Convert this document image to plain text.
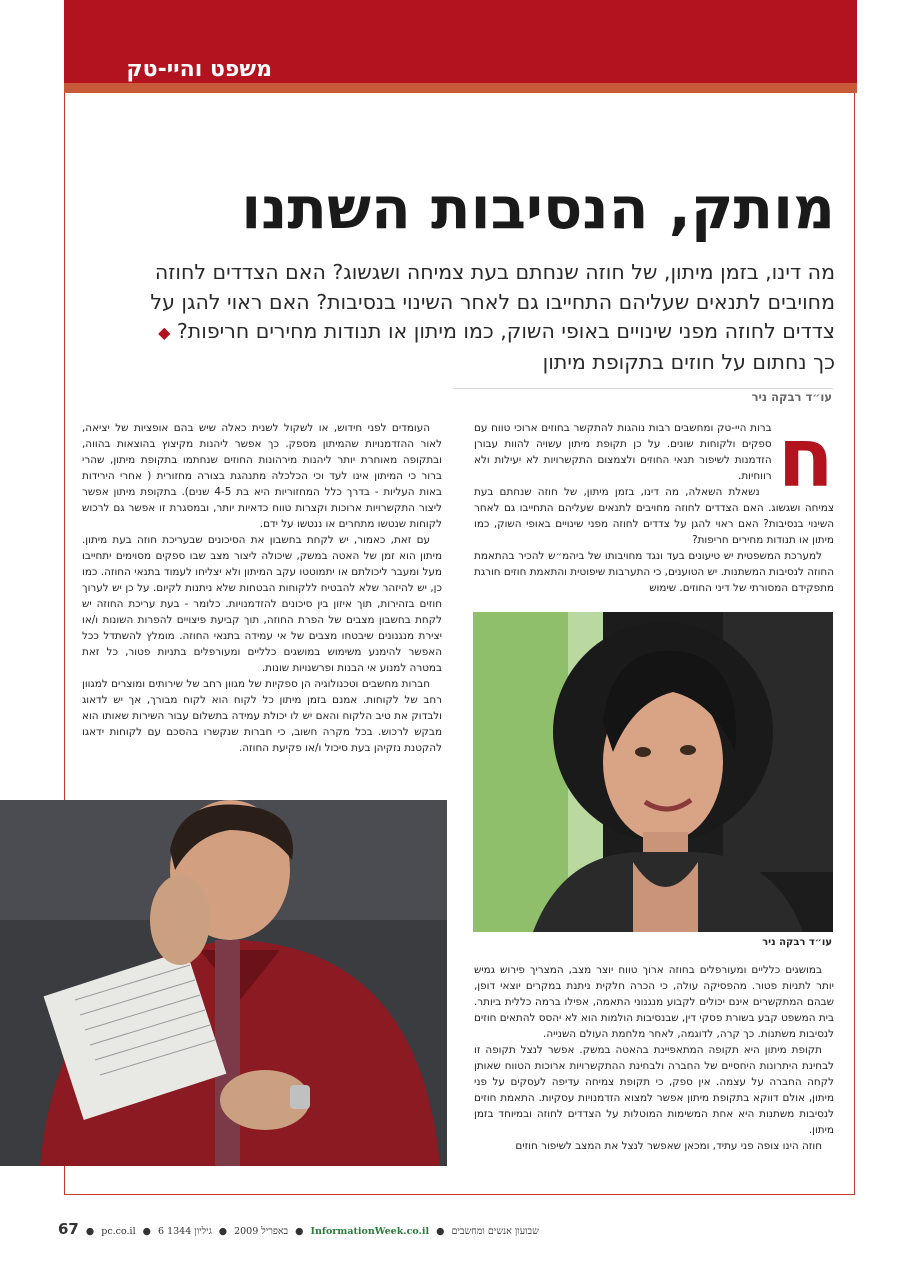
משפט והיי-טק
מותק, הנסיבות השתנו
מה דינו, בזמן מיתון, של חוזה שנחתם בעת צמיחה ושגשוג? האם הצדדים לחוזה מחויבים לתנאים שעליהם התחייבו גם לאחר השינוי בנסיבות? האם ראוי להגן על צדדים לחוזה מפני שינויים באופי השוק, כמו מיתון או תנודות מחירים חריפות? ◆ כך נחתום על חוזים בתקופת מיתון
עו״ד רבקה ניר
ח

ברות היי-טק ומחשבים רבות נוהגות להתקשר בחוזים ארוכי טווח עם ספקים ולקוחות שונים. על כן תקופת מיתון עשויה להוות עבורן הזדמנות לשיפור תנאי החוזים ולצמצום התקשרויות לא יעילות ולא רווחיות.

נשאלת השאלה, מה דינו, בזמן מיתון, של חוזה שנחתם בעת צמיחה ושגשוג. האם הצדדים לחוזה מחויבים לתנאים שעליהם התחייבו גם לאחר השינוי בנסיבות? האם ראוי להגן על צדדים לחוזה מפני שינויים באופי השוק, כמו מיתון או תנודות מחירים חריפות?

למערכת המשפטית יש טיעונים בעד ונגד מחויבותו של ביהמ״ש להכיר בהתאמת החוזה לנסיבות המשתנות. יש הטוענים, כי התערבות שיפוטית והתאמת חוזים חורגת מתפקידם המסורתי של דיני החוזים. שימוש

העומדים לפני חידוש, או לשקול לשנית כאלה שיש בהם אופציות של יציאה, לאור ההזדמנויות שהמיתון מספק. כך אפשר ליהנות מקיצוץ בהוצאות בהווה, ובתקופה מאוחרת יותר ליהנות מירהונות החוזים שנחתמו בתקופת מיתון, שהרי ברור כי המיתון אינו לעד וכי הכלכלה מתנהגת בצורה מחזורית ( אחרי הירידות באות העליות - בדרך כלל המחזוריות היא בת 4-5 שנים). בתקופת מיתון אפשר ליצור התקשרויות ארוכות וקצרות טווח כדאיות יותר, ובמסגרת זו אפשר גם לרכוש לקוחות שנטשו מתחרים או ננטשו על ידם.

עם זאת, כאמור, יש לקחת בחשבון את הסיכונים שבעריכת חוזה בעת מיתון. מיתון הוא זמן של האטה במשק, שיכולה ליצור מצב שבו ספקים מסוימים יתחייבו מעל ומעבר ליכולתם או יתמוטטו עקב המיתון ולא יצליחו לעמוד בתנאי החוזה. כמו כן, יש להיזהר שלא להבטיח ללקוחות הבטחות שלא ניתנות לקיום. על כן יש לערוך חוזים בזהירות, תוך איזון בין סיכונים להזדמנויות. כלומר - בעת עריכת החוזה יש לקחת בחשבון מצבים של הפרת החוזה, תוך קביעת פיצויים להפרות השונות ו/או יצירת מנגנונים שיבטחו מצבים של אי עמידה בתנאי החוזה. מומלץ להשתדל ככל האפשר להימנע משימוש במושגים כלליים ומעורפלים בתניות פטור, כל זאת במטרה למנוע אי הבנות ופרשנויות שונות.

חברות מחשבים וטכנולוגיה הן ספקיות של מגוון רחב של שירותים ומוצרים למגוון רחב של לקוחות. אמנם בזמן מיתון כל לקוח הוא לקוח מבורך, אך יש לדאוג ולבדוק את טיב הלקוח והאם יש לו יכולת עמידה בתשלום עבור השירות שאותו הוא מבקש לרכוש. בכל מקרה חשוב, כי חברות שנקשרו בהסכם עם לקוחות ידאגו להקטנת נזקיהן בעת סיכול ו/או פקיעת החוזה.

עו״ד רבקה ניר

במושגים כלליים ומעורפלים בחוזה ארוך טווח יוצר מצב, המצריך פירוש גמיש יותר לתניות פטור. מהפסיקה עולה, כי הכרה חלקית ניתנת במקרים יוצאי דופן, שבהם המתקשרים אינם יכולים לקבוע מנגנוני התאמה, אפילו ברמה כללית ביותר. בית המשפט קבע בשורת פסקי דין, שבנסיבות הולמות הוא לא יהסס להתאים חוזים לנסיבות משתנות. כך קרה, לדוגמה, לאחר מלחמת העולם השנייה.

תקופת מיתון היא תקופה המתאפיינת בהאטה במשק. אפשר לנצל תקופה זו לבחינת היתרונות היחסיים של החברה ולבחינת ההתקשרויות ארוכות הטווח שאותן לקחה החברה על עצמה. אין ספק, כי תקופת צמיחה עדיפה לעסקים על פני מיתון, אולם דווקא בתקופת מיתון אפשר למצוא הזדמנויות עסקיות. התאמת חוזים לנסיבות משתנות היא אחת המשימות המוטלות על הצדדים לחוזה ובמיוחד בזמן מיתון.

חוזה הינו צופה פני עתיד, ומכאן שאפשר לנצל את המצב לשיפור חוזים

67 ● pc.co.il ● 6 באפריל 2009 ● גיליון 1344	● InformationWeek.co.il ● שבועון אנשים ומחשבים
